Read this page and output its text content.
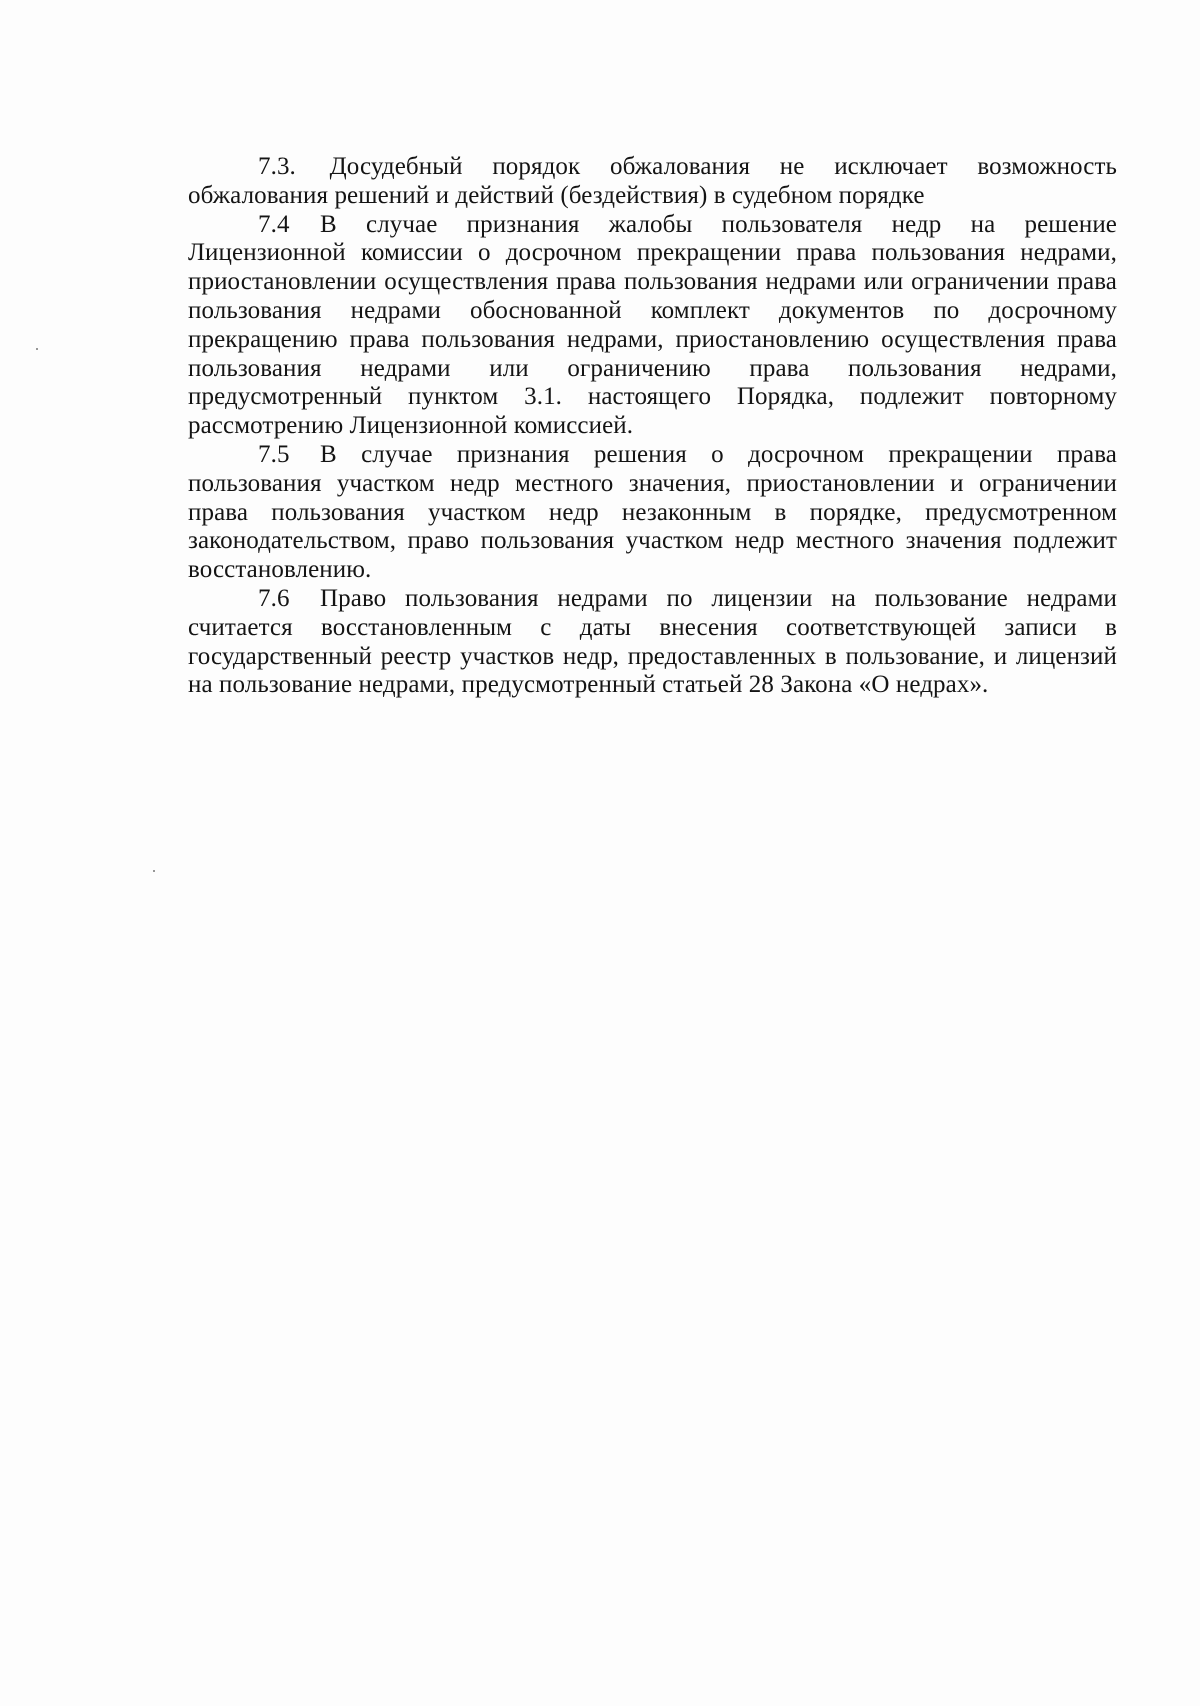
7.3. Досудебный порядок обжалования не исключает возможность обжалования решений и действий (бездействия) в судебном порядке

7.4 В случае признания жалобы пользователя недр на решение Лицензионной комиссии о досрочном прекращении права пользования недрами, приостановлении осуществления права пользования недрами или ограничении права пользования недрами обоснованной комплект документов по досрочному прекращению права пользования недрами, приостановлению осуществления права пользования недрами или ограничению права пользования недрами, предусмотренный пунктом 3.1. настоящего Порядка, подлежит повторному рассмотрению Лицензионной комиссией.

7.5 В случае признания решения о досрочном прекращении права пользования участком недр местного значения, приостановлении и ограничении права пользования участком недр незаконным в порядке, предусмотренном законодательством, право пользования участком недр местного значения подлежит восстановлению.

7.6 Право пользования недрами по лицензии на пользование недрами считается восстановленным с даты внесения соответствующей записи в государственный реестр участков недр, предоставленных в пользование, и лицензий на пользование недрами, предусмотренный статьей 28 Закона «О недрах».
